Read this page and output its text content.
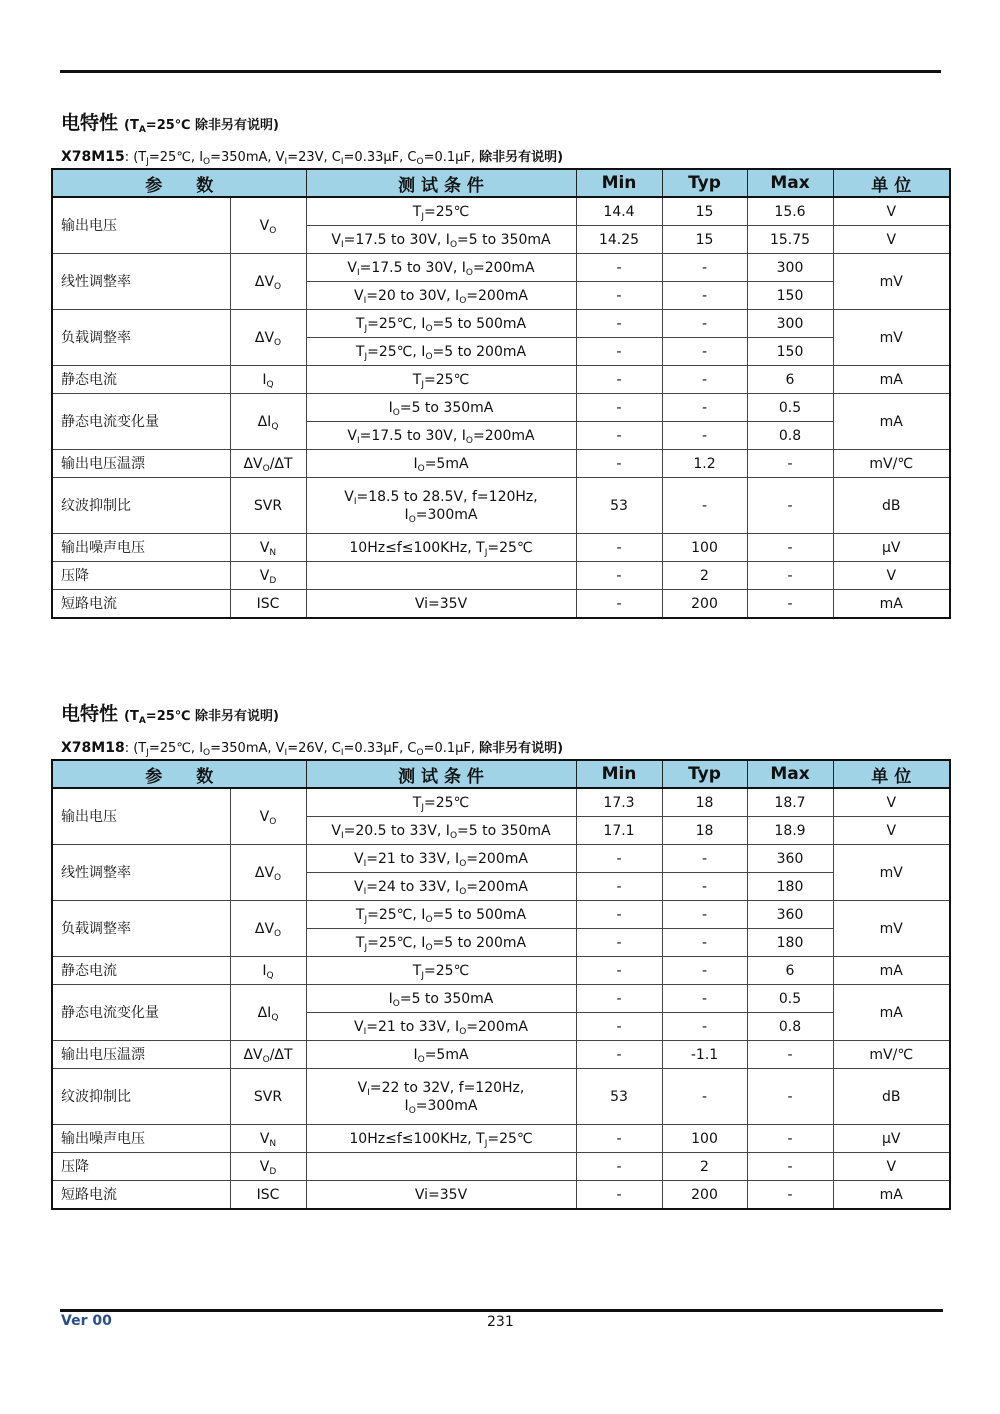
电特性 ($T_A=25℃$ 除非另有说明)
X78M15: ($T_J=25℃$, $I_O=350mA$, $V_I=23V$, $C_I=0.33\mu F$, $C_O=0.1\mu F$, 除非另有说明)
参　　数		测 试 条 件	Min	Typ	Max	单 位
输出电压	$V_O$	$T_J=25℃$	14.4	15	15.6	V
		$V_I=17.5$ to 30V, $I_O=5$ to 350mA	14.25	15	15.75	V
线性调整率	$\Delta V_O$	$V_I=17.5$ to 30V, $I_O=200mA$	-	-	300	mV
		$V_I=20$ to 30V, $I_O=200mA$	-	-	150	
负载调整率	$\Delta V_O$	$T_J=25℃$, $I_O=5$ to 500mA	-	-	300	mV
		$T_J=25℃$, $I_O=5$ to 200mA	-	-	150	
静态电流	$I_Q$	$T_J=25℃$	-	-	6	mA
静态电流变化量	$\Delta I_Q$	$I_O=5$ to 350mA	-	-	0.5	mA
		$V_I=17.5$ to 30V, $I_O=200mA$	-	-	0.8	
输出电压温漂	$\Delta V_O/\Delta T$	$I_O=5mA$	-	1.2	-	mV/℃
纹波抑制比	SVR	$V_I=18.5$ to 28.5V, f=120Hz,
$I_O=300mA$	53	-	-	dB
输出噪声电压	$V_N$	10Hz≤f≤100KHz, $T_J=25℃$	-	100	-	μV
压降	$V_D$		-	2	-	V
短路电流	ISC	Vi=35V	-	200	-	mA
电特性 ($T_A=25℃$ 除非另有说明)
X78M18: ($T_J=25℃$, $I_O=350mA$, $V_I=26V$, $C_I=0.33\mu F$, $C_O=0.1\mu F$, 除非另有说明)
参　　数		测 试 条 件	Min	Typ	Max	单 位
输出电压	$V_O$	$T_J=25℃$	17.3	18	18.7	V
		$V_I=20.5$ to 33V, $I_O=5$ to 350mA	17.1	18	18.9	V
线性调整率	$\Delta V_O$	$V_I=21$ to 33V, $I_O=200mA$	-	-	360	mV
		$V_I=24$ to 33V, $I_O=200mA$	-	-	180	
负载调整率	$\Delta V_O$	$T_J=25℃$, $I_O=5$ to 500mA	-	-	360	mV
		$T_J=25℃$, $I_O=5$ to 200mA	-	-	180	
静态电流	$I_Q$	$T_J=25℃$	-	-	6	mA
静态电流变化量	$\Delta I_Q$	$I_O=5$ to 350mA	-	-	0.5	mA
		$V_I=21$ to 33V, $I_O=200mA$	-	-	0.8	
输出电压温漂	$\Delta V_O/\Delta T$	$I_O=5mA$	-	-1.1	-	mV/℃
纹波抑制比	SVR	$V_I=22$ to 32V, f=120Hz,
$I_O=300mA$	53	-	-	dB
输出噪声电压	$V_N$	10Hz≤f≤100KHz, $T_J=25℃$	-	100	-	μV
压降	$V_D$		-	2	-	V
短路电流	ISC	Vi=35V	-	200	-	mA
Ver 00	231
